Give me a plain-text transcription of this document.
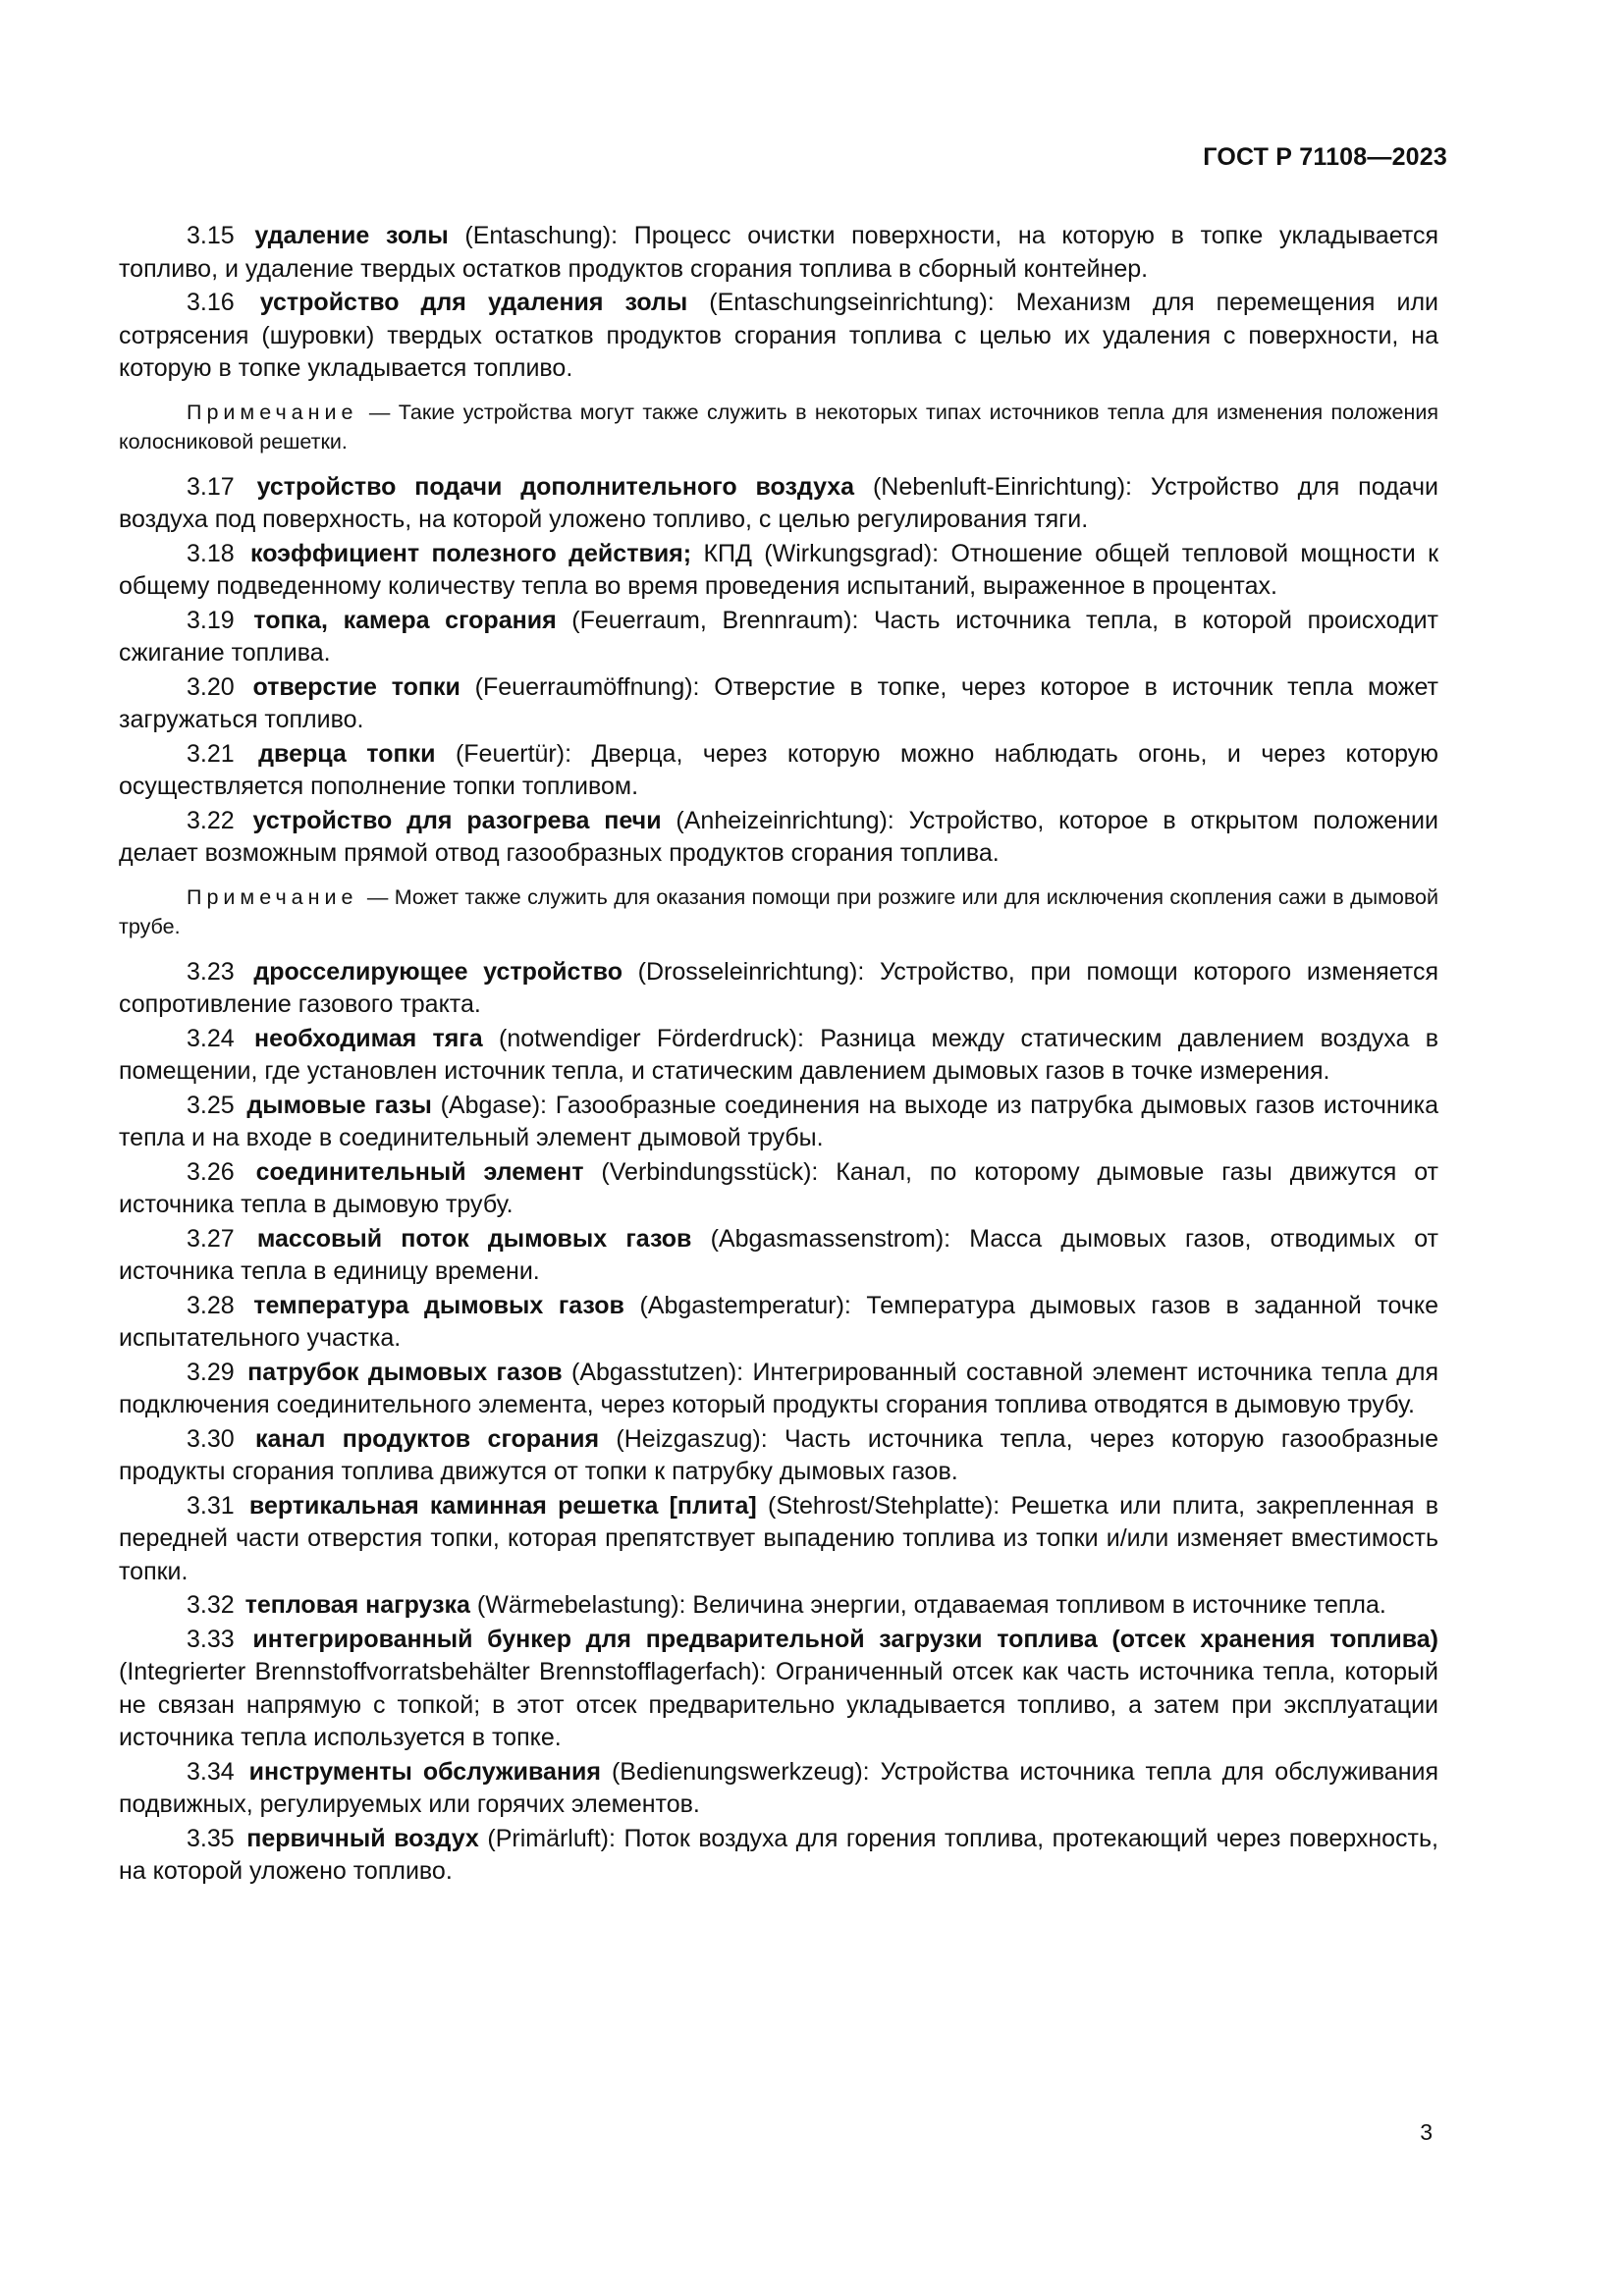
ГОСТ Р 71108—2023

3.15 удаление золы (Entaschung): Процесс очистки поверхности, на которую в топке укладывается топливо, и удаление твердых остатков продуктов сгорания топлива в сборный контейнер.

3.16 устройство для удаления золы (Entaschungseinrichtung): Механизм для перемещения или сотрясения (шуровки) твердых остатков продуктов сгорания топлива с целью их удаления с поверхности, на которую в топке укладывается топливо.

Примечание — Такие устройства могут также служить в некоторых типах источников тепла для изменения положения колосниковой решетки.

3.17 устройство подачи дополнительного воздуха (Nebenluft-Einrichtung): Устройство для подачи воздуха под поверхность, на которой уложено топливо, с целью регулирования тяги.

3.18 коэффициент полезного действия; КПД (Wirkungsgrad): Отношение общей тепловой мощности к общему подведенному количеству тепла во время проведения испытаний, выраженное в процентах.

3.19 топка, камера сгорания (Feuerraum, Brennraum): Часть источника тепла, в которой происходит сжигание топлива.

3.20 отверстие топки (Feuerraumöffnung): Отверстие в топке, через которое в источник тепла может загружаться топливо.

3.21 дверца топки (Feuertür): Дверца, через которую можно наблюдать огонь, и через которую осуществляется пополнение топки топливом.

3.22 устройство для разогрева печи (Anheizeinrichtung): Устройство, которое в открытом положении делает возможным прямой отвод газообразных продуктов сгорания топлива.

Примечание — Может также служить для оказания помощи при розжиге или для исключения скопления сажи в дымовой трубе.

3.23 дросселирующее устройство (Drosseleinrichtung): Устройство, при помощи которого изменяется сопротивление газового тракта.

3.24 необходимая тяга (notwendiger Förderdruck): Разница между статическим давлением воздуха в помещении, где установлен источник тепла, и статическим давлением дымовых газов в точке измерения.

3.25 дымовые газы (Abgase): Газообразные соединения на выходе из патрубка дымовых газов источника тепла и на входе в соединительный элемент дымовой трубы.

3.26 соединительный элемент (Verbindungsstück): Канал, по которому дымовые газы движутся от источника тепла в дымовую трубу.

3.27 массовый поток дымовых газов (Abgasmassenstrom): Масса дымовых газов, отводимых от источника тепла в единицу времени.

3.28 температура дымовых газов (Abgastemperatur): Температура дымовых газов в заданной точке испытательного участка.

3.29 патрубок дымовых газов (Abgasstutzen): Интегрированный составной элемент источника тепла для подключения соединительного элемента, через который продукты сгорания топлива отводятся в дымовую трубу.

3.30 канал продуктов сгорания (Heizgaszug): Часть источника тепла, через которую газообразные продукты сгорания топлива движутся от топки к патрубку дымовых газов.

3.31 вертикальная каминная решетка [плита] (Stehrost/Stehplatte): Решетка или плита, закрепленная в передней части отверстия топки, которая препятствует выпадению топлива из топки и/или изменяет вместимость топки.

3.32 тепловая нагрузка (Wärmebelastung): Величина энергии, отдаваемая топливом в источнике тепла.

3.33 интегрированный бункер для предварительной загрузки топлива (отсек хранения топлива) (Integrierter Brennstoffvorratsbehälter Brennstofflagerfach): Ограниченный отсек как часть источника тепла, который не связан напрямую с топкой; в этот отсек предварительно укладывается топливо, а затем при эксплуатации источника тепла используется в топке.

3.34 инструменты обслуживания (Bedienungswerkzeug): Устройства источника тепла для обслуживания подвижных, регулируемых или горячих элементов.

3.35 первичный воздух (Primärluft): Поток воздуха для горения топлива, протекающий через поверхность, на которой уложено топливо.

3
